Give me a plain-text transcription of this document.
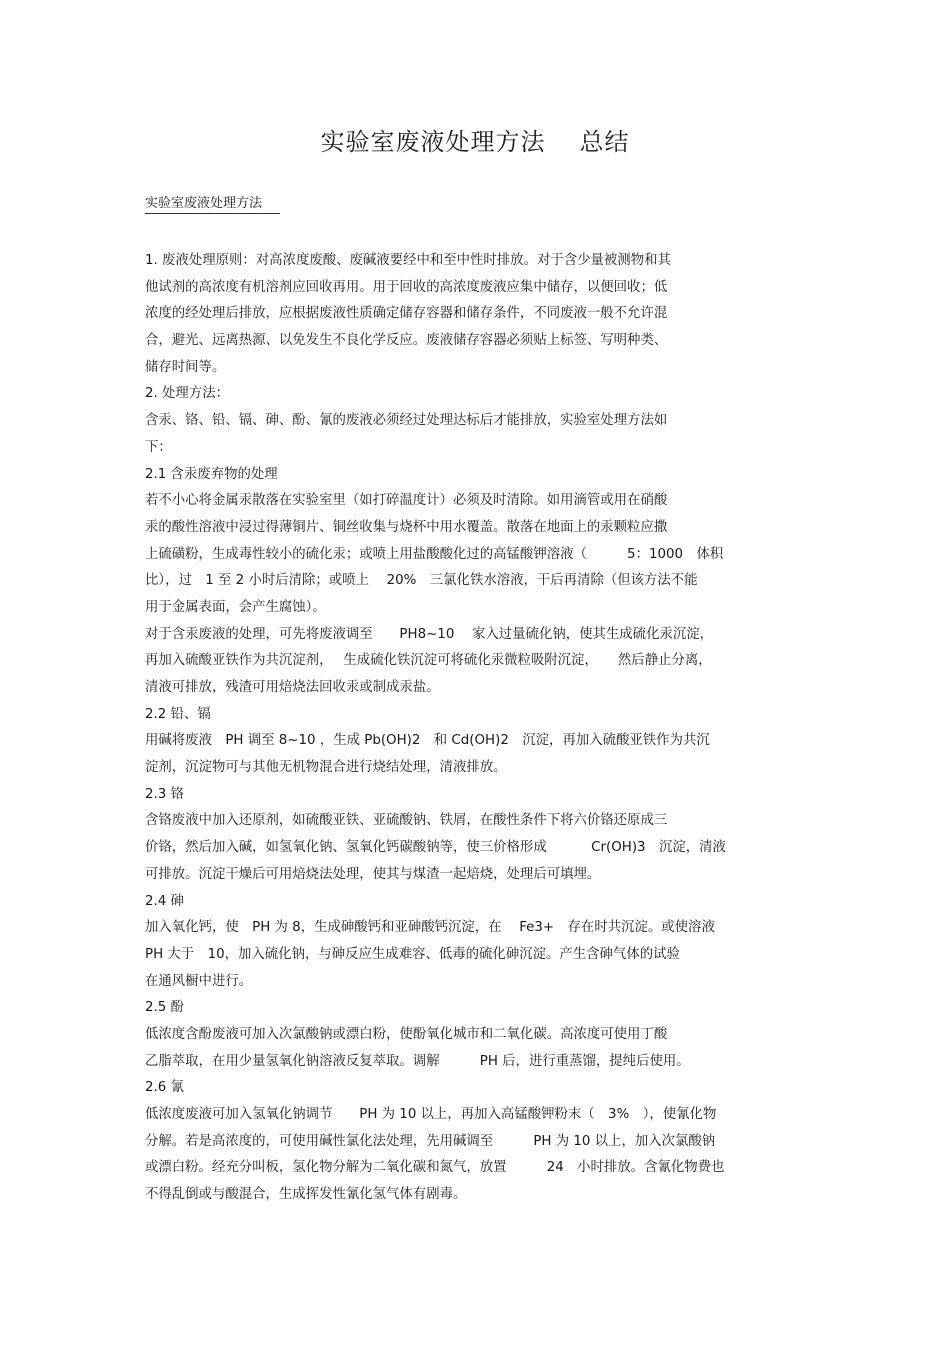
实验室废液处理方法 总结
实验室废液处理方法
1. 废液处理原则：对高浓度废酸、废碱液要经中和至中性时排放。对于含少量被测物和其
他试剂的高浓度有机溶剂应回收再用。用于回收的高浓度废液应集中储存，以便回收；低
浓度的经处理后排放，应根据废液性质确定储存容器和储存条件，不同废液一般不允许混
合，避光、远离热源、以免发生不良化学反应。废液储存容器必须贴上标签、写明种类、
储存时间等。
2. 处理方法：
含汞、铬、铅、镉、砷、酚、氰的废液必须经过处理达标后才能排放，实验室处理方法如
下：
2.1 含汞废弃物的处理
若不小心将金属汞散落在实验室里（如打碎温度计）必须及时清除。如用滴管或用在硝酸
汞的酸性溶液中浸过得薄铜片、铜丝收集与烧杯中用水覆盖。散落在地面上的汞颗粒应撒
上硫磺粉，生成毒性较小的硫化汞；或喷上用盐酸酸化过的高锰酸钾溶液（　　　5：1000　体积
比），过　1 至 2 小时后清除；或喷上　 20%　三氯化铁水溶液，干后再清除（但该方法不能
用于金属表面，会产生腐蚀）。
对于含汞废液的处理，可先将废液调至　　PH8~10　 家入过量硫化钠，使其生成硫化汞沉淀，
再加入硫酸亚铁作为共沉淀剂，　 生成硫化铁沉淀可将硫化汞微粒吸附沉淀，　　然后静止分离，
清液可排放，残渣可用焙烧法回收汞或制成汞盐。
2.2 铅、镉
用碱将废液　PH 调至 8~10 ，生成 Pb(OH)2　和 Cd(OH)2　沉淀，再加入硫酸亚铁作为共沉
淀剂，沉淀物可与其他无机物混合进行烧结处理，清液排放。
2.3 铬
含铬废液中加入还原剂，如硫酸亚铁、亚硫酸钠、铁屑，在酸性条件下将六价铬还原成三
价铬，然后加入碱，如氢氧化钠、氢氧化钙碳酸钠等，使三价格形成　　　 Cr(OH)3　沉淀，清液
可排放。沉淀干燥后可用焙烧法处理，使其与煤渣一起焙烧，处理后可填埋。
2.4 砷
加入氧化钙，使　PH 为 8，生成砷酸钙和亚砷酸钙沉淀，在　 Fe3+　存在时共沉淀。或使溶液
PH 大于　10，加入硫化钠，与砷反应生成难容、低毒的硫化砷沉淀。产生含砷气体的试验
在通风橱中进行。
2.5 酚
低浓度含酚废液可加入次氯酸钠或漂白粉，使酚氧化城市和二氧化碳。高浓度可使用丁酸
乙脂萃取，在用少量氢氧化钠溶液反复萃取。调解　　　PH 后，进行重蒸馏，提纯后使用。
2.6 氰
低浓度废液可加入氢氧化钠调节　　PH 为 10 以上，再加入高锰酸钾粉末（　3%　），使氰化物
分解。若是高浓度的，可使用碱性氯化法处理，先用碱调至　　　PH 为 10 以上，加入次氯酸钠
或漂白粉。经充分叫板，氢化物分解为二氧化碳和氮气，放置　　　24　小时排放。含氰化物费也
不得乱倒或与酸混合，生成挥发性氰化氢气体有剧毒。
